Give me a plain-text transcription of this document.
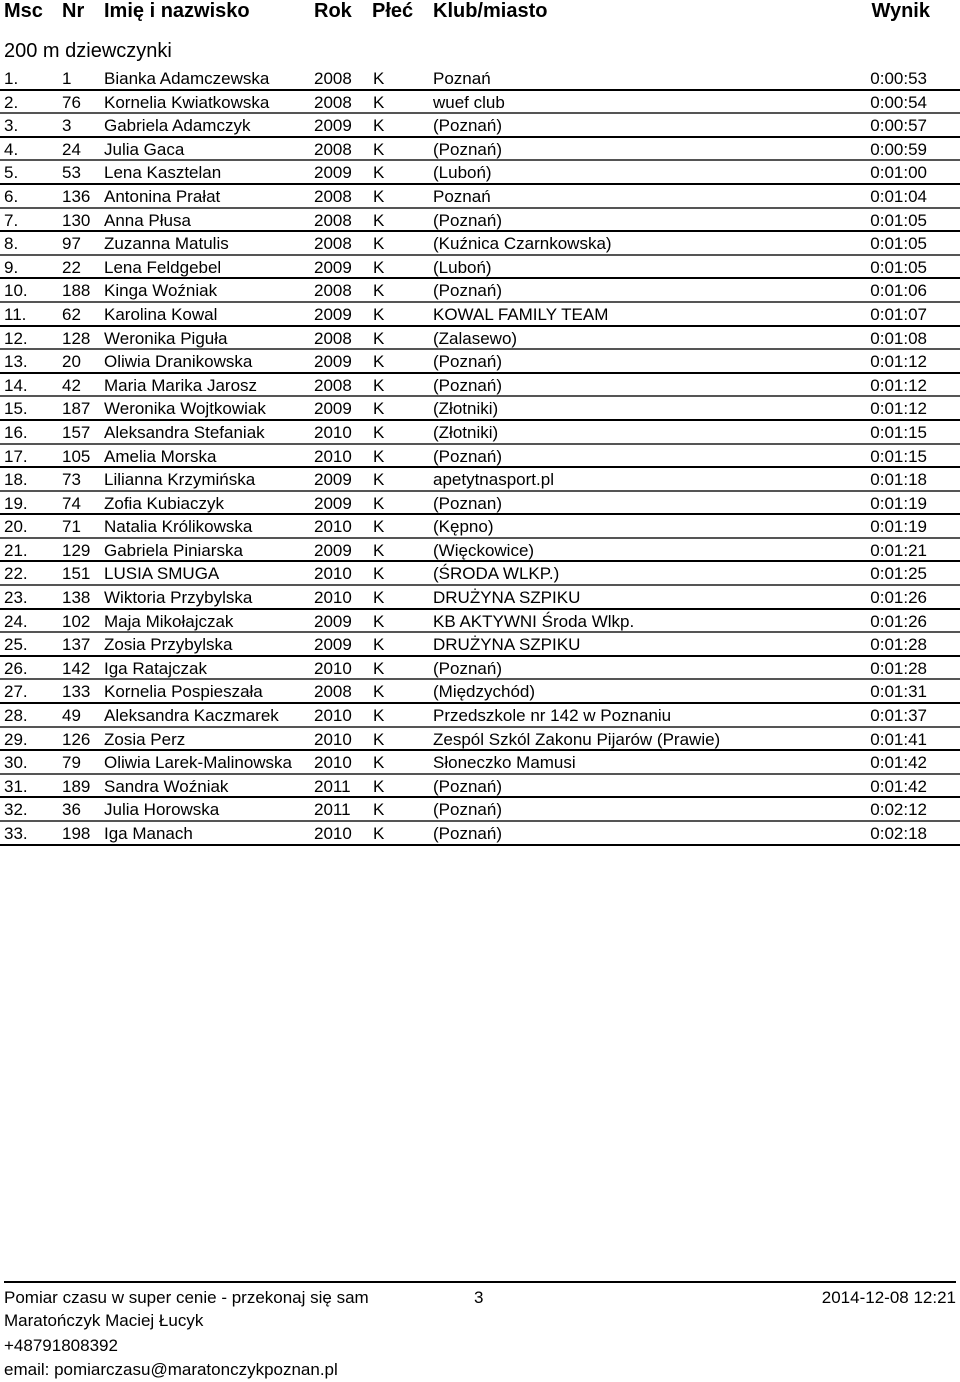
Msc Nr Imię i nazwisko	Rok Płeć Klub/miasto	Wynik
200 m dziewczynki
1.	1 Bianka Adamczewska	2008 K	Poznań	0:00:53
2.	76 Kornelia Kwiatkowska	2008 K	wuef club	0:00:54
3.	3 Gabriela Adamczyk	2009 K	(Poznań)	0:00:57
4.	24 Julia Gaca	2008 K	(Poznań)	0:00:59
5.	53 Lena Kasztelan	2009 K	(Luboń)	0:01:00
6.	136 Antonina Prałat	2008 K	Poznań	0:01:04
7.	130 Anna Płusa	2008 K	(Poznań)	0:01:05
8.	97 Zuzanna Matulis	2008 K	(Kuźnica Czarnkowska)	0:01:05
9.	22 Lena Feldgebel	2009 K	(Luboń)	0:01:05
10. 188 Kinga Woźniak	2008 K	(Poznań)	0:01:06
11. 62 Karolina Kowal	2009 K	KOWAL FAMILY TEAM	0:01:07
12. 128 Weronika Piguła	2008 K	(Zalasewo)	0:01:08
13. 20 Oliwia Dranikowska	2009 K	(Poznań)	0:01:12
14. 42 Maria Marika Jarosz	2008 K	(Poznań)	0:01:12
15. 187 Weronika Wojtkowiak	2009 K	(Złotniki)	0:01:12
16. 157 Aleksandra Stefaniak	2010 K	(Złotniki)	0:01:15
17. 105 Amelia Morska	2010 K	(Poznań)	0:01:15
18. 73 Lilianna Krzymińska	2009 K	apetytnasport.pl	0:01:18
19. 74 Zofia Kubiaczyk	2009 K	(Poznan)	0:01:19
20. 71 Natalia Królikowska	2010 K	(Kępno)	0:01:19
21. 129 Gabriela Piniarska	2009 K	(Więckowice)	0:01:21
22. 151 LUSIA SMUGA	2010 K	(ŚRODA WLKP.)	0:01:25
23. 138 Wiktoria Przybylska	2010 K	DRUŻYNA SZPIKU	0:01:26
24. 102 Maja Mikołajczak	2009 K	KB AKTYWNI Środa Wlkp.	0:01:26
25. 137 Zosia Przybylska	2009 K	DRUŻYNA SZPIKU	0:01:28
26. 142 Iga Ratajczak	2010 K	(Poznań)	0:01:28
27. 133 Kornelia Pospieszała	2008 K	(Międzychód)	0:01:31
28. 49 Aleksandra Kaczmarek 2010 K	Przedszkole nr 142 w Poznaniu	0:01:37
29. 126 Zosia Perz	2010 K	Zespól Szkól Zakonu Pijarów (Prawie)	0:01:41
30. 79 Oliwia Larek-Malinowska 2010 K	Słoneczko Mamusi	0:01:42
31. 189 Sandra Woźniak	2011 K	(Poznań)	0:01:42
32. 36 Julia Horowska	2011 K	(Poznań)	0:02:12
33. 198 Iga Manach	2010 K	(Poznań)	0:02:18
Pomiar czasu w super cenie - przekonaj się sam	3	2014-12-08 12:21
Maratończyk Maciej Łucyk
+48791808392
email: pomiarczasu@maratonczykpoznan.pl
